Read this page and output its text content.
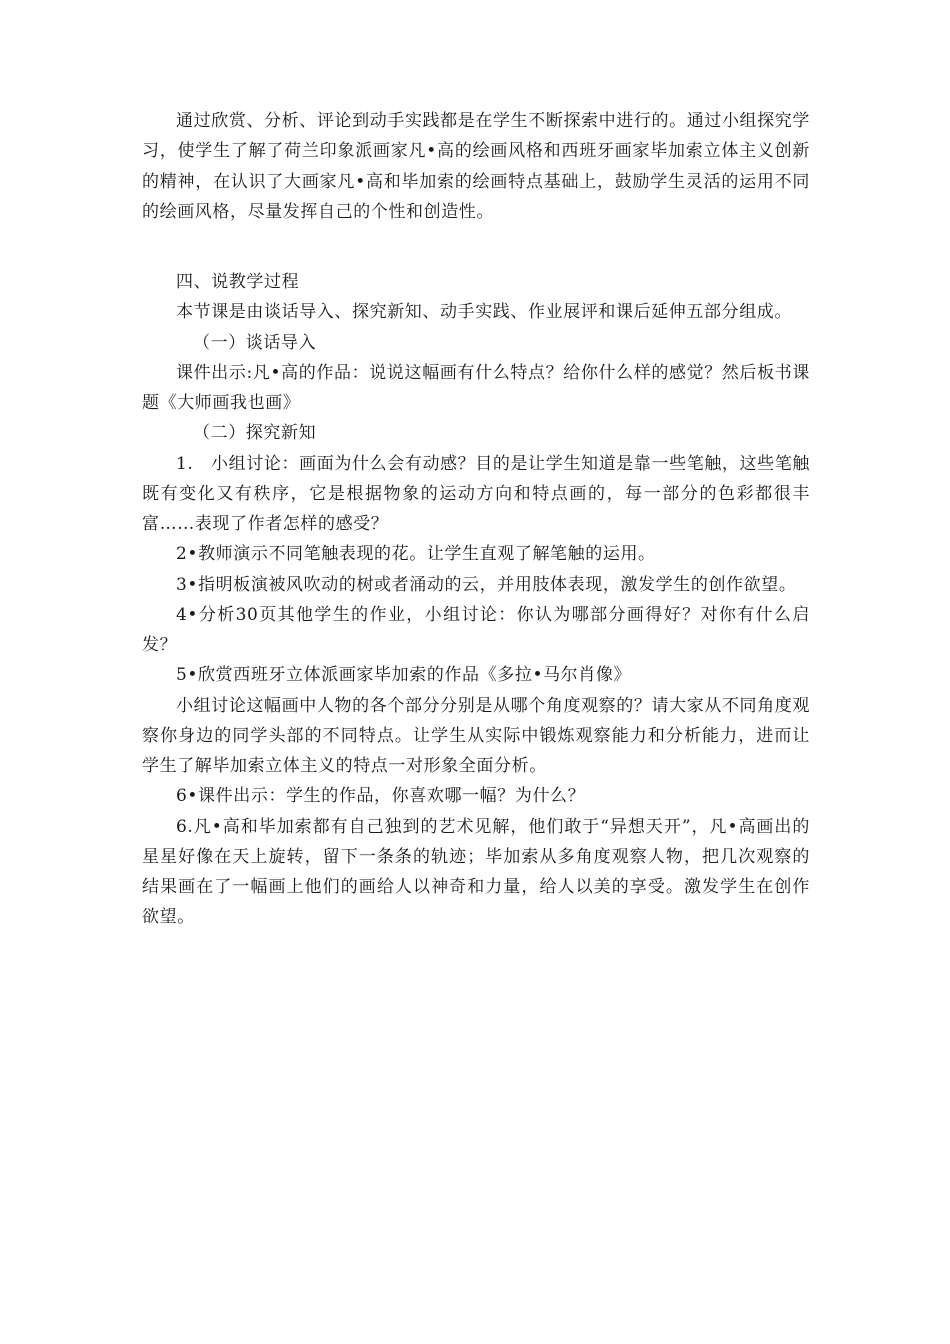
通过欣赏、分析、评论到动手实践都是在学生不断探索中进行的。通过小组探究学习，使学生了解了荷兰印象派画家凡•高的绘画风格和西班牙画家毕加索立体主义创新的精神，在认识了大画家凡•高和毕加索的绘画特点基础上，鼓励学生灵活的运用不同的绘画风格，尽量发挥自己的个性和创造性。

四、说教学过程

本节课是由谈话导入、探究新知、动手实践、作业展评和课后延伸五部分组成。

（一）谈话导入

课件出示:凡•高的作品：说说这幅画有什么特点？给你什么样的感觉？然后板书课题《大师画我也画》

（二）探究新知

1.　小组讨论：画面为什么会有动感？目的是让学生知道是靠一些笔触，这些笔触既有变化又有秩序，它是根据物象的运动方向和特点画的，每一部分的色彩都很丰富……表现了作者怎样的感受？

2•教师演示不同笔触表现的花。让学生直观了解笔触的运用。

3•指明板演被风吹动的树或者涌动的云，并用肢体表现，激发学生的创作欲望。

4•分析30页其他学生的作业，小组讨论：你认为哪部分画得好？对你有什么启发？

5•欣赏西班牙立体派画家毕加索的作品《多拉•马尔肖像》

小组讨论这幅画中人物的各个部分分别是从哪个角度观察的？请大家从不同角度观察你身边的同学头部的不同特点。让学生从实际中锻炼观察能力和分析能力，进而让学生了解毕加索立体主义的特点一对形象全面分析。

6•课件出示：学生的作品，你喜欢哪一幅？为什么？

6.凡•高和毕加索都有自己独到的艺术见解，他们敢于“异想天开”，凡•高画出的星星好像在天上旋转，留下一条条的轨迹；毕加索从多角度观察人物，把几次观察的结果画在了一幅画上他们的画给人以神奇和力量，给人以美的享受。激发学生在创作欲望。
